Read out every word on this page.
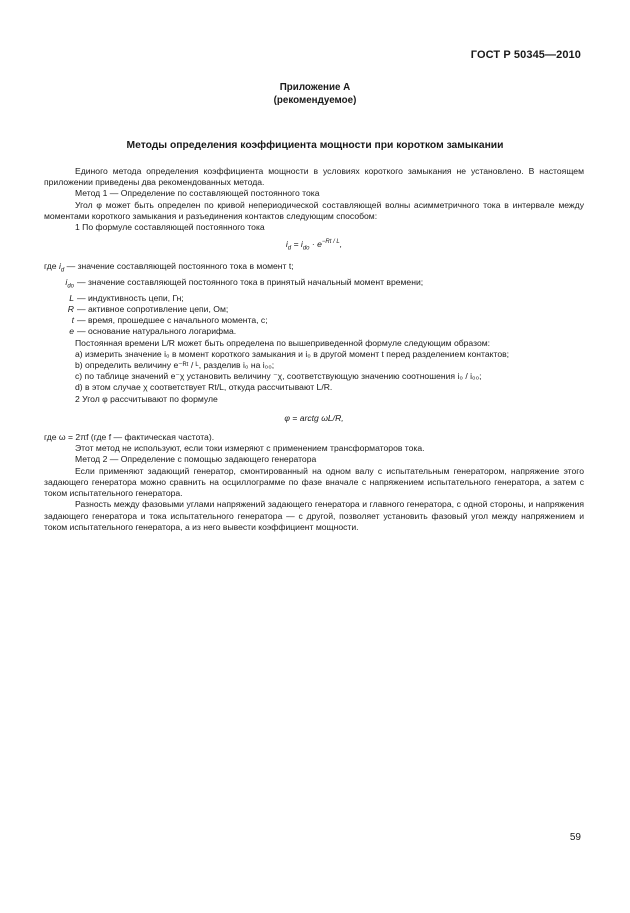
ГОСТ Р 50345—2010
Приложение А
(рекомендуемое)
Методы определения коэффициента мощности при коротком замыкании
Единого метода определения коэффициента мощности в условиях короткого замыкания не установлено. В настоящем приложении приведены два рекомендованных метода.
Метод 1 — Определение по составляющей постоянного тока
Угол φ может быть определен по кривой непериодической составляющей волны асимметричного тока в интервале между моментами короткого замыкания и разъединения контактов следующим способом:
1 По формуле составляющей постоянного тока
$i_d = i_{do} \cdot e^{-Rt / L}$,
где $i_d$ — значение составляющей постоянного тока в момент t;
$i_{do}$ — значение составляющей постоянного тока в принятый начальный момент времени;
L — индуктивность цепи, Гн;
R — активное сопротивление цепи, Ом;
t — время, прошедшее с начального момента, с;
e — основание натурального логарифма.
Постоянная времени L/R может быть определена по вышеприведенной формуле следующим образом:
а) измерить значение i₀ в момент короткого замыкания и i₀ в другой момент t перед разделением контактов;
b) определить величину e⁻ᴿᵗ / ᴸ, разделив i₀ на i₀₀;
с) по таблице значений e⁻χ установить величину ⁻χ, соответствующую значению соотношения i₀ / i₀₀;
d) в этом случае χ соответствует Rt/L, откуда рассчитывают L/R.
2 Угол φ рассчитывают по формуле
φ = arctg ωL/R,
где ω = 2πf (где f — фактическая частота).
Этот метод не используют, если токи измеряют с применением трансформаторов тока.
Метод 2 — Определение с помощью задающего генератора
Если применяют задающий генератор, смонтированный на одном валу с испытательным генератором, напряжение этого задающего генератора можно сравнить на осциллограмме по фазе вначале с напряжением испытательного генератора, а затем с током испытательного генератора.
Разность между фазовыми углами напряжений задающего генератора и главного генератора, с одной стороны, и напряжения задающего генератора и тока испытательного генератора — с другой, позволяет установить фазовый угол между напряжением и током испытательного генератора, а из него вывести коэффициент мощности.
59
